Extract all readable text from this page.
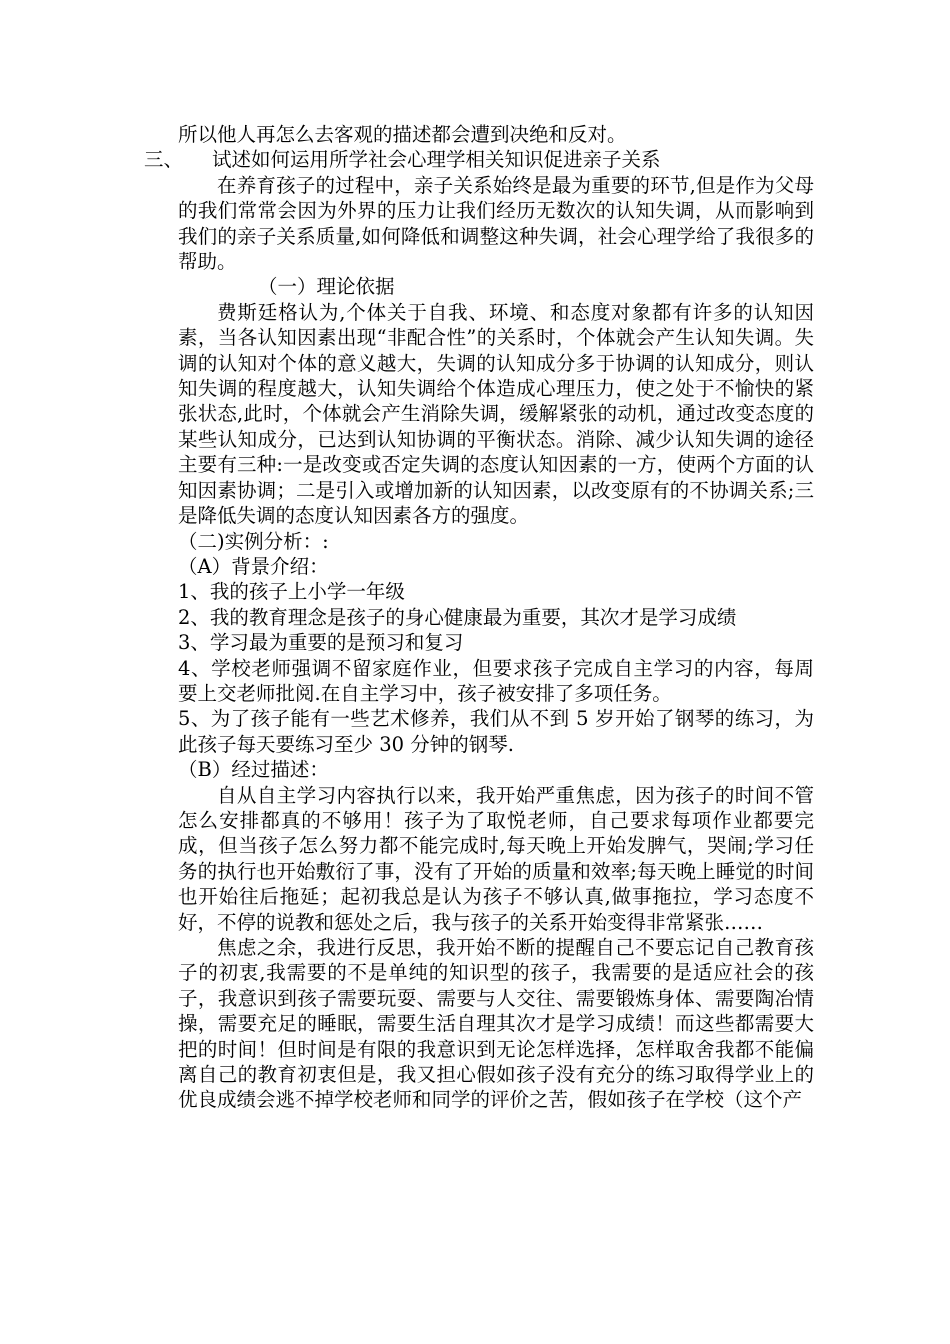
所以他人再怎么去客观的描述都会遭到决绝和反对。

三、 试述如何运用所学社会心理学相关知识促进亲子关系

在养育孩子的过程中，亲子关系始终是最为重要的环节,但是作为父母的我们常常会因为外界的压力让我们经历无数次的认知失调，从而影响到我们的亲子关系质量,如何降低和调整这种失调，社会心理学给了我很多的帮助。

（一）理论依据

费斯廷格认为,个体关于自我、环境、和态度对象都有许多的认知因素，当各认知因素出现“非配合性”的关系时，个体就会产生认知失调。失调的认知对个体的意义越大，失调的认知成分多于协调的认知成分，则认知失调的程度越大，认知失调给个体造成心理压力，使之处于不愉快的紧张状态,此时，个体就会产生消除失调，缓解紧张的动机，通过改变态度的某些认知成分，已达到认知协调的平衡状态。消除、减少认知失调的途径主要有三种:一是改变或否定失调的态度认知因素的一方，使两个方面的认知因素协调；二是引入或增加新的认知因素，以改变原有的不协调关系;三是降低失调的态度认知因素各方的强度。

（二)实例分析：:

（A）背景介绍：

1、我的孩子上小学一年级

2、我的教育理念是孩子的身心健康最为重要，其次才是学习成绩

3、学习最为重要的是预习和复习

4、学校老师强调不留家庭作业，但要求孩子完成自主学习的内容，每周要上交老师批阅.在自主学习中，孩子被安排了多项任务。

5、为了孩子能有一些艺术修养，我们从不到 5 岁开始了钢琴的练习，为此孩子每天要练习至少 30 分钟的钢琴.

（B）经过描述：

自从自主学习内容执行以来，我开始严重焦虑，因为孩子的时间不管怎么安排都真的不够用！孩子为了取悦老师，自己要求每项作业都要完成，但当孩子怎么努力都不能完成时,每天晚上开始发脾气，哭闹;学习任务的执行也开始敷衍了事，没有了开始的质量和效率;每天晚上睡觉的时间也开始往后拖延；起初我总是认为孩子不够认真,做事拖拉，学习态度不好，不停的说教和惩处之后，我与孩子的关系开始变得非常紧张……

焦虑之余，我进行反思，我开始不断的提醒自己不要忘记自己教育孩子的初衷,我需要的不是单纯的知识型的孩子，我需要的是适应社会的孩子，我意识到孩子需要玩耍、需要与人交往、需要锻炼身体、需要陶冶情操，需要充足的睡眠，需要生活自理其次才是学习成绩！而这些都需要大把的时间！但时间是有限的我意识到无论怎样选择，怎样取舍我都不能偏离自己的教育初衷但是，我又担心假如孩子没有充分的练习取得学业上的优良成绩会逃不掉学校老师和同学的评价之苦，假如孩子在学校（这个产
